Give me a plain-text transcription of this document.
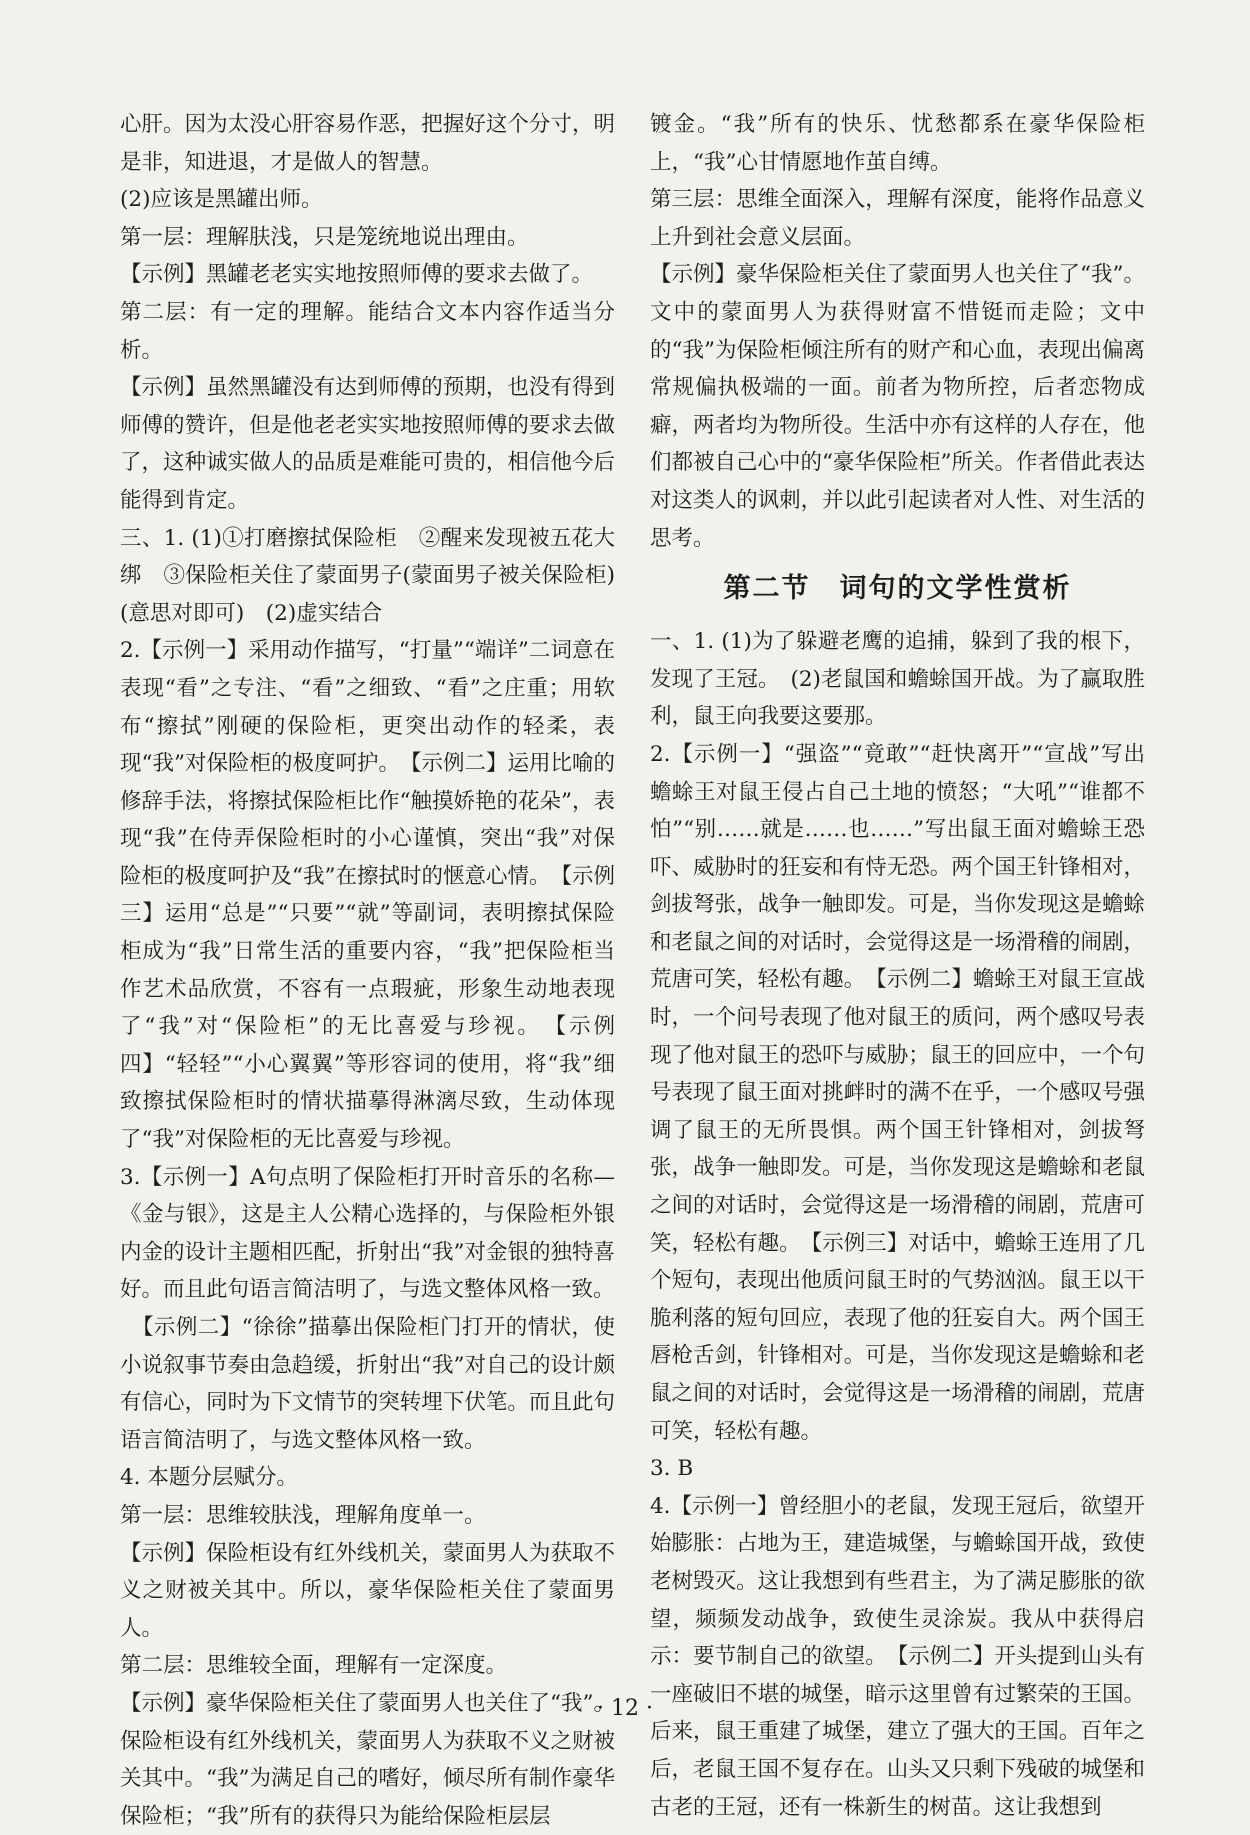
心肝。因为太没心肝容易作恶，把握好这个分寸，明是非，知进退，才是做人的智慧。

(2)应该是黑罐出师。

第一层：理解肤浅，只是笼统地说出理由。

【示例】黑罐老老实实地按照师傅的要求去做了。

第二层：有一定的理解。能结合文本内容作适当分析。

【示例】虽然黑罐没有达到师傅的预期，也没有得到师傅的赞许，但是他老老实实地按照师傅的要求去做了，这种诚实做人的品质是难能可贵的，相信他今后能得到肯定。

三、1. (1)①打磨擦拭保险柜　②醒来发现被五花大绑　③保险柜关住了蒙面男子(蒙面男子被关保险柜)(意思对即可)　(2)虚实结合

2.【示例一】采用动作描写，“打量”“端详”二词意在表现“看”之专注、“看”之细致、“看”之庄重；用软布“擦拭”刚硬的保险柜，更突出动作的轻柔，表现“我”对保险柜的极度呵护。　【示例二】运用比喻的修辞手法，将擦拭保险柜比作“触摸娇艳的花朵”，表现“我”在侍弄保险柜时的小心谨慎，突出“我”对保险柜的极度呵护及“我”在擦拭时的惬意心情。　【示例三】运用“总是”“只要”“就”等副词，表明擦拭保险柜成为“我”日常生活的重要内容，“我”把保险柜当作艺术品欣赏，不容有一点瑕疵，形象生动地表现了“我”对“保险柜”的无比喜爱与珍视。　【示例四】“轻轻”“小心翼翼”等形容词的使用，将“我”细致擦拭保险柜时的情状描摹得淋漓尽致，生动体现了“我”对保险柜的无比喜爱与珍视。

3.【示例一】A句点明了保险柜打开时音乐的名称—《金与银》，这是主人公精心选择的，与保险柜外银内金的设计主题相匹配，折射出“我”对金银的独特喜好。而且此句语言简洁明了，与选文整体风格一致。

【示例二】“徐徐”描摹出保险柜门打开的情状，使小说叙事节奏由急趋缓，折射出“我”对自己的设计颇有信心，同时为下文情节的突转埋下伏笔。而且此句语言简洁明了，与选文整体风格一致。

4. 本题分层赋分。

第一层：思维较肤浅，理解角度单一。

【示例】保险柜设有红外线机关，蒙面男人为获取不义之财被关其中。所以，豪华保险柜关住了蒙面男人。

第二层：思维较全面，理解有一定深度。

【示例】豪华保险柜关住了蒙面男人也关住了“我”。保险柜设有红外线机关，蒙面男人为获取不义之财被关其中。“我”为满足自己的嗜好，倾尽所有制作豪华保险柜；“我”所有的获得只为能给保险柜层层

镀金。“我”所有的快乐、忧愁都系在豪华保险柜上，“我”心甘情愿地作茧自缚。

第三层：思维全面深入，理解有深度，能将作品意义上升到社会意义层面。

【示例】豪华保险柜关住了蒙面男人也关住了“我”。文中的蒙面男人为获得财富不惜铤而走险；文中的“我”为保险柜倾注所有的财产和心血，表现出偏离常规偏执极端的一面。前者为物所控，后者恋物成癖，两者均为物所役。生活中亦有这样的人存在，他们都被自己心中的“豪华保险柜”所关。作者借此表达对这类人的讽刺，并以此引起读者对人性、对生活的思考。

第二节　词句的文学性赏析

一、1. (1)为了躲避老鹰的追捕，躲到了我的根下，发现了王冠。　(2)老鼠国和蟾蜍国开战。为了赢取胜利，鼠王向我要这要那。

2.【示例一】“强盗”“竟敢”“赶快离开”“宣战”写出蟾蜍王对鼠王侵占自己土地的愤怒；“大吼”“谁都不怕”“别……就是……也……”写出鼠王面对蟾蜍王恐吓、威胁时的狂妄和有恃无恐。两个国王针锋相对，剑拔弩张，战争一触即发。可是，当你发现这是蟾蜍和老鼠之间的对话时，会觉得这是一场滑稽的闹剧，荒唐可笑，轻松有趣。　【示例二】蟾蜍王对鼠王宣战时，一个问号表现了他对鼠王的质问，两个感叹号表现了他对鼠王的恐吓与威胁；鼠王的回应中，一个句号表现了鼠王面对挑衅时的满不在乎，一个感叹号强调了鼠王的无所畏惧。两个国王针锋相对，剑拔弩张，战争一触即发。可是，当你发现这是蟾蜍和老鼠之间的对话时，会觉得这是一场滑稽的闹剧，荒唐可笑，轻松有趣。　【示例三】对话中，蟾蜍王连用了几个短句，表现出他质问鼠王时的气势汹汹。鼠王以干脆利落的短句回应，表现了他的狂妄自大。两个国王唇枪舌剑，针锋相对。可是，当你发现这是蟾蜍和老鼠之间的对话时，会觉得这是一场滑稽的闹剧，荒唐可笑，轻松有趣。

3. B

4.【示例一】曾经胆小的老鼠，发现王冠后，欲望开始膨胀：占地为王，建造城堡，与蟾蜍国开战，致使老树毁灭。这让我想到有些君主，为了满足膨胀的欲望，频频发动战争，致使生灵涂炭。我从中获得启示：要节制自己的欲望。　【示例二】开头提到山头有一座破旧不堪的城堡，暗示这里曾有过繁荣的王国。后来，鼠王重建了城堡，建立了强大的王国。百年之后，老鼠王国不复存在。山头又只剩下残破的城堡和古老的王冠，还有一株新生的树苗。这让我想到

· 12 ·
